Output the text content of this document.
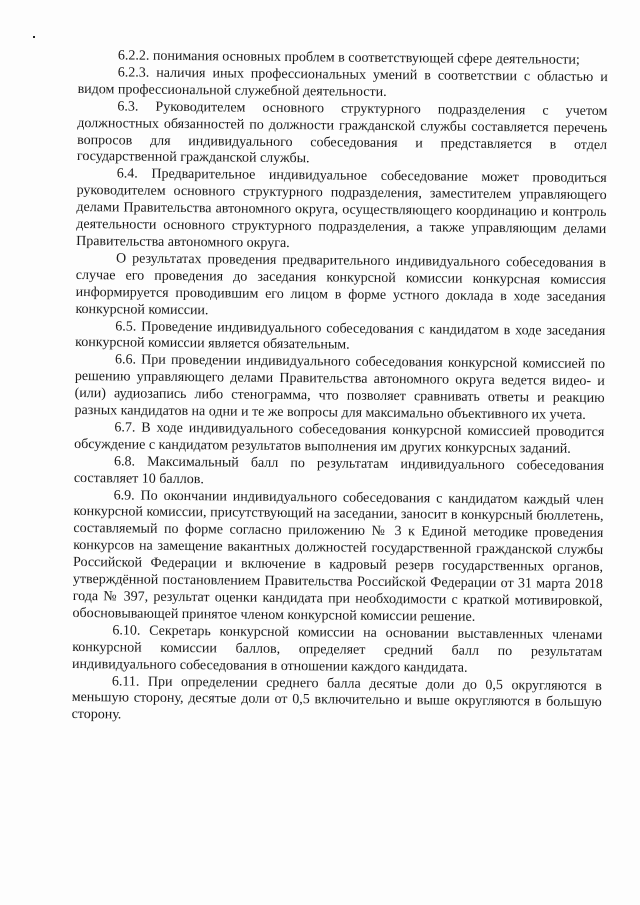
6.2.2. понимания основных проблем в соответствующей сфере деятельности;

6.2.3. наличия иных профессиональных умений в соответствии с областью и видом профессиональной служебной деятельности.

6.3. Руководителем основного структурного подразделения с учетом должностных обязанностей по должности гражданской службы составляется перечень вопросов для индивидуального собеседования и представляется в отдел государственной гражданской службы.

6.4. Предварительное индивидуальное собеседование может проводиться руководителем основного структурного подразделения, заместителем управляющего делами Правительства автономного округа, осуществляющего координацию и контроль деятельности основного структурного подразделения, а также управляющим делами Правительства автономного округа.

О результатах проведения предварительного индивидуального собеседования в случае его проведения до заседания конкурсной комиссии конкурсная комиссия информируется проводившим его лицом в форме устного доклада в ходе заседания конкурсной комиссии.

6.5. Проведение индивидуального собеседования с кандидатом в ходе заседания конкурсной комиссии является обязательным.

6.6. При проведении индивидуального собеседования конкурсной комиссией по решению управляющего делами Правительства автономного округа ведется видео- и (или) аудиозапись либо стенограмма, что позволяет сравнивать ответы и реакцию разных кандидатов на одни и те же вопросы для максимально объективного их учета.

6.7. В ходе индивидуального собеседования конкурсной комиссией проводится обсуждение с кандидатом результатов выполнения им других конкурсных заданий.

6.8. Максимальный балл по результатам индивидуального собеседования составляет 10 баллов.

6.9. По окончании индивидуального собеседования с кандидатом каждый член конкурсной комиссии, присутствующий на заседании, заносит в конкурсный бюллетень, составляемый по форме согласно приложению № 3 к Единой методике проведения конкурсов на замещение вакантных должностей государственной гражданской службы Российской Федерации и включение в кадровый резерв государственных органов, утверждённой постановлением Правительства Российской Федерации от 31 марта 2018 года № 397, результат оценки кандидата при необходимости с краткой мотивировкой, обосновывающей принятое членом конкурсной комиссии решение.

6.10. Секретарь конкурсной комиссии на основании выставленных членами конкурсной комиссии баллов, определяет средний балл по результатам индивидуального собеседования в отношении каждого кандидата.

6.11. При определении среднего балла десятые доли до 0,5 округляются в меньшую сторону, десятые доли от 0,5 включительно и выше округляются в большую сторону.
